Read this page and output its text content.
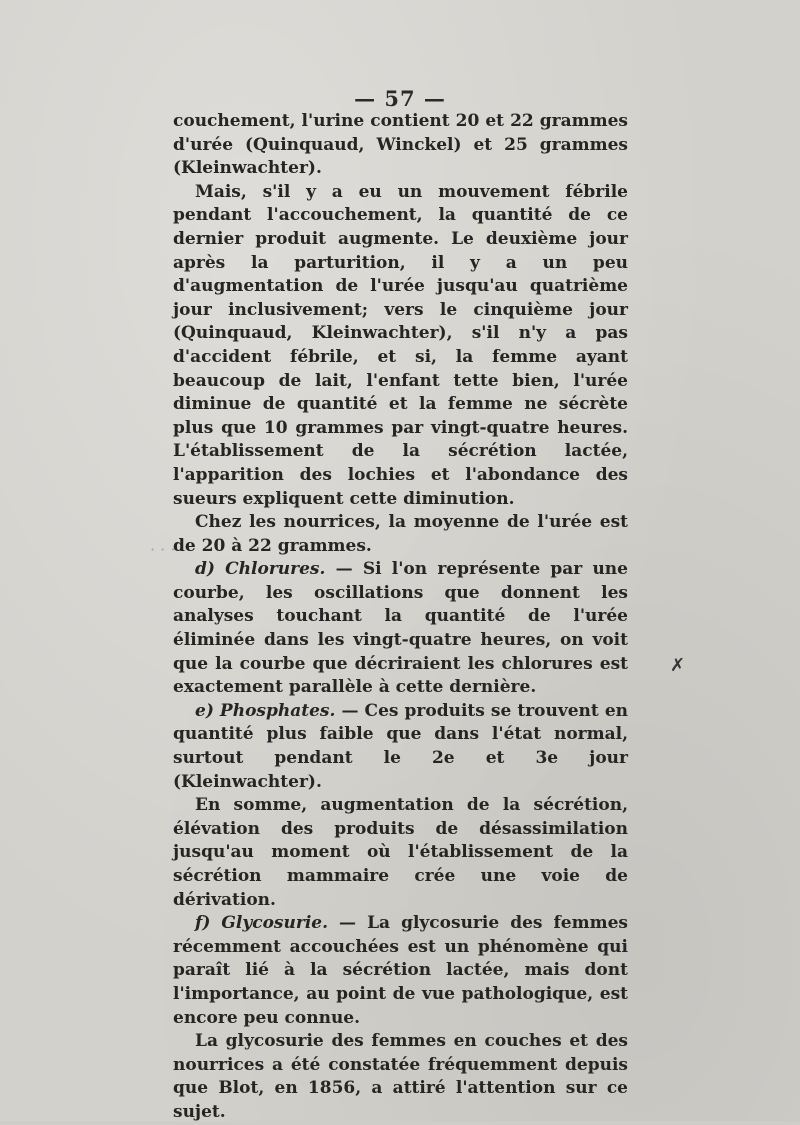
· · ·
— 57 —

couchement, l'urine contient 20 et 22 grammes d'urée (Quinquaud, Winckel) et 25 grammes (Kleinwachter).

Mais, s'il y a eu un mouvement fébrile pendant l'accouchement, la quantité de ce dernier produit augmente. Le deuxième jour après la parturition, il y a un peu d'augmentation de l'urée jusqu'au quatrième jour inclusivement; vers le cinquième jour (Quinquaud, Kleinwachter), s'il n'y a pas d'accident fébrile, et si, la femme ayant beaucoup de lait, l'enfant tette bien, l'urée diminue de quantité et la femme ne sécrète plus que 10 grammes par vingt-quatre heures. L'établissement de la sécrétion lactée, l'apparition des lochies et l'abondance des sueurs expliquent cette diminution.

Chez les nourrices, la moyenne de l'urée est de 20 à 22 grammes.

d) Chlorures. — Si l'on représente par une courbe, les oscillations que donnent les analyses touchant la quantité de l'urée éliminée dans les vingt-quatre heures, on voit que la courbe que décriraient les chlorures est exactement parallèle à cette dernière.

e) Phosphates. — Ces produits se trouvent en quantité plus faible que dans l'état normal, surtout pendant le 2e et 3e jour (Kleinwachter).

En somme, augmentation de la sécrétion, élévation des produits de désassimilation jusqu'au moment où l'établissement de la sécrétion mammaire crée une voie de dérivation.

f) Glycosurie. — La glycosurie des femmes récemment accouchées est un phénomène qui paraît lié à la sécrétion lactée, mais dont l'importance, au point de vue pathologique, est encore peu connue.

La glycosurie des femmes en couches et des nourrices a été constatée fréquemment depuis que Blot, en 1856, a attiré l'attention sur ce sujet.

✗
